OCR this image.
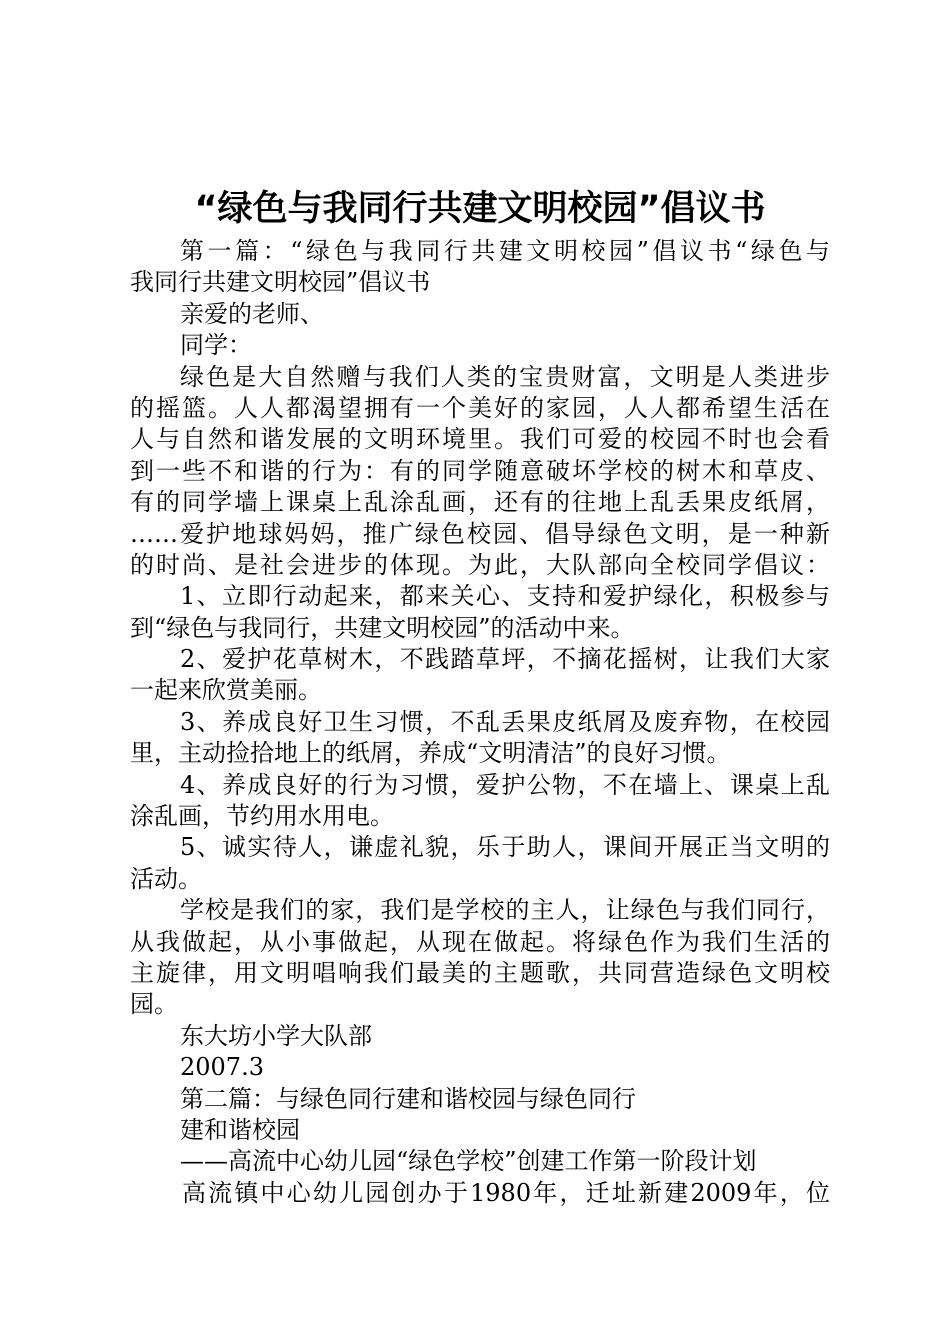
“绿色与我同行共建文明校园”倡议书
第一篇：“绿色与我同行共建文明校园”倡议书“绿色与
我同行共建文明校园”倡议书
亲爱的老师、
同学：
绿色是大自然赠与我们人类的宝贵财富，文明是人类进步
的摇篮。人人都渴望拥有一个美好的家园，人人都希望生活在
人与自然和谐发展的文明环境里。我们可爱的校园不时也会看
到一些不和谐的行为：有的同学随意破坏学校的树木和草皮、
有的同学墙上课桌上乱涂乱画，还有的往地上乱丢果皮纸屑，
……爱护地球妈妈，推广绿色校园、倡导绿色文明，是一种新
的时尚、是社会进步的体现。为此，大队部向全校同学倡议：
1、立即行动起来，都来关心、支持和爱护绿化，积极参与
到“绿色与我同行，共建文明校园”的活动中来。
2、爱护花草树木，不践踏草坪，不摘花摇树，让我们大家
一起来欣赏美丽。
3、养成良好卫生习惯，不乱丢果皮纸屑及废弃物，在校园
里，主动捡拾地上的纸屑，养成“文明清洁”的良好习惯。
4、养成良好的行为习惯，爱护公物，不在墙上、课桌上乱
涂乱画，节约用水用电。
5、诚实待人，谦虚礼貌，乐于助人，课间开展正当文明的
活动。
学校是我们的家，我们是学校的主人，让绿色与我们同行，
从我做起，从小事做起，从现在做起。将绿色作为我们生活的
主旋律，用文明唱响我们最美的主题歌，共同营造绿色文明校
园。
东大坊小学大队部
2007.3
第二篇：与绿色同行建和谐校园与绿色同行
建和谐校园
——高流中心幼儿园“绿色学校”创建工作第一阶段计划
高流镇中心幼儿园创办于1980年，迁址新建2009年，位
